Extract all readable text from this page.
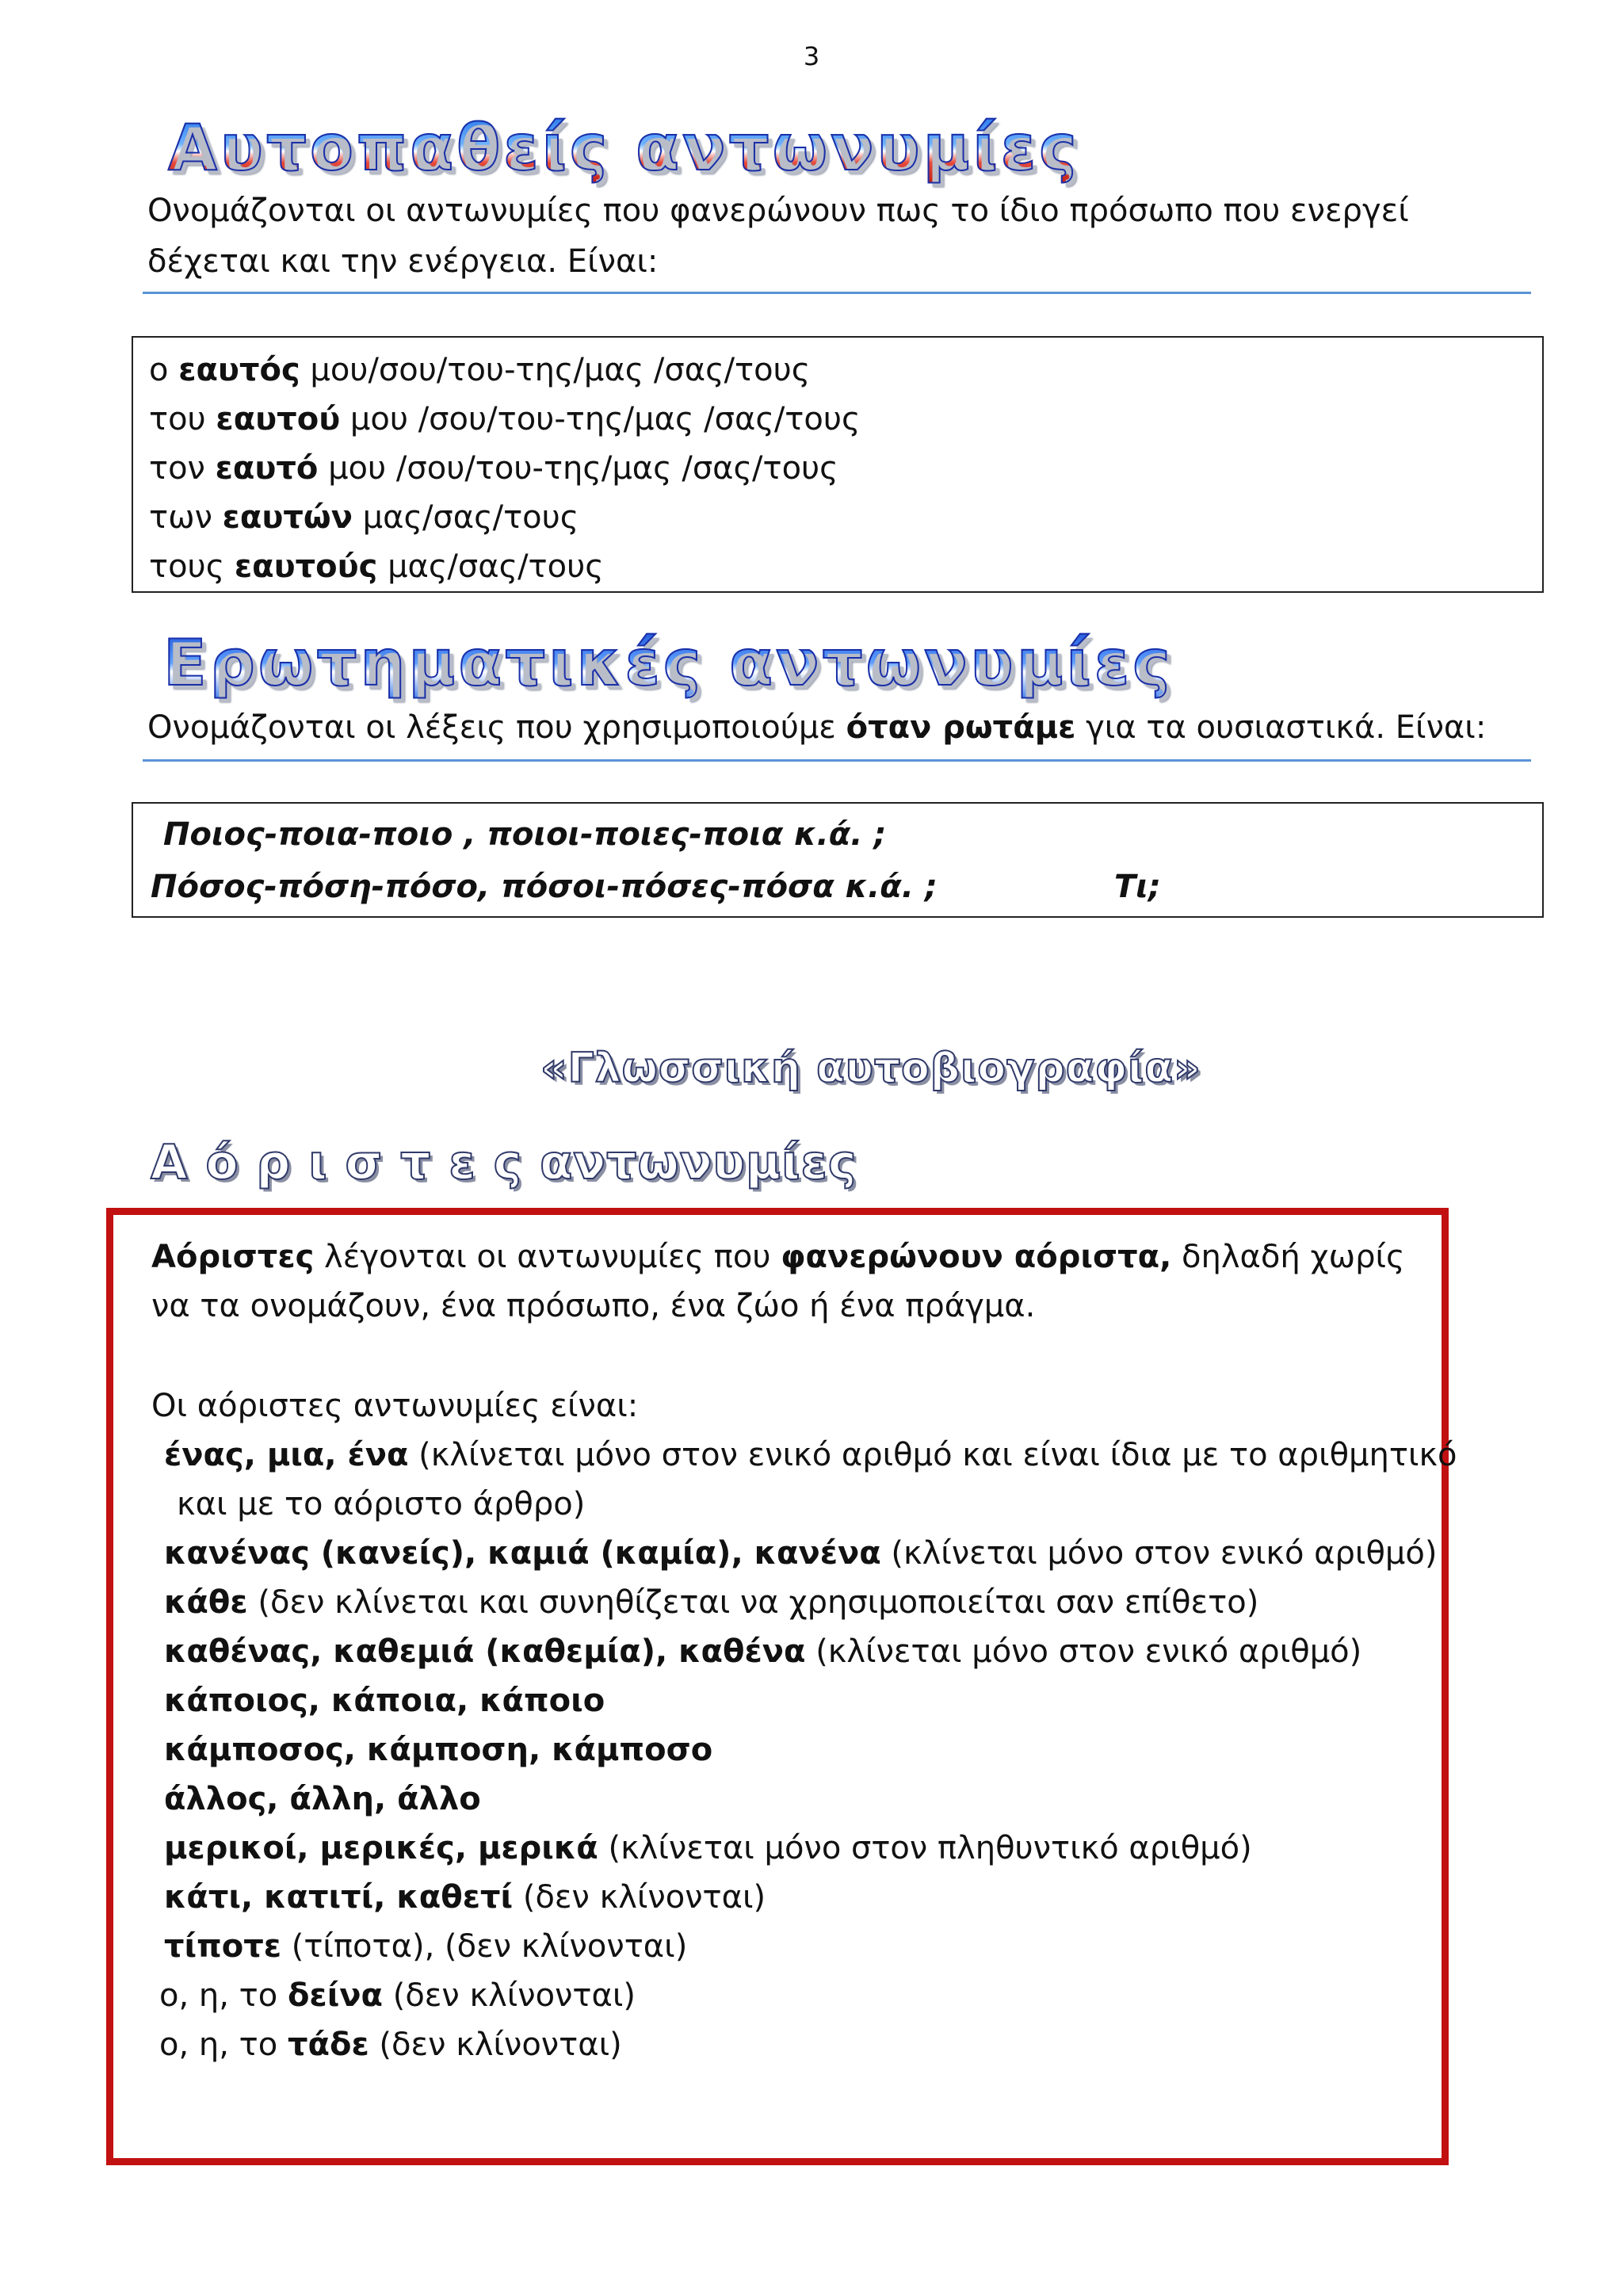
3
Αυτοπαθείς αντωνυμίες
Ονομάζονται οι αντωνυμίες που φανερώνουν πως το ίδιο πρόσωπο που ενεργεί δέχεται και την ενέργεια. Είναι:
ο εαυτός μου/σου/του-της/μας /σας/τους
του εαυτού μου /σου/του-της/μας /σας/τους
τον εαυτό μου /σου/του-της/μας /σας/τους
των εαυτών μας/σας/τους
τους εαυτούς μας/σας/τους
Ερωτηματικές αντωνυμίες
Ονομάζονται οι λέξεις που χρησιμοποιούμε όταν ρωτάμε για τα ουσιαστικά. Είναι:
Ποιος-ποια-ποιο , ποιοι-ποιες-ποια κ.ά. ;
Πόσος-πόση-πόσο, πόσοι-πόσες-πόσα κ.ά. ;	Τι;
«Γλωσσική αυτοβιογραφία»
Α ό ρ ι σ τ ε ς αντωνυμίες
Αόριστες λέγονται οι αντωνυμίες που φανερώνουν αόριστα, δηλαδή χωρίς
να τα ονομάζουν, ένα πρόσωπο, ένα ζώο ή ένα πράγμα.
Οι αόριστες αντωνυμίες είναι:
ένας, μια, ένα (κλίνεται μόνο στον ενικό αριθμό και είναι ίδια με το αριθμητικό
και με το αόριστο άρθρο)
κανένας (κανείς), καμιά (καμία), κανένα (κλίνεται μόνο στον ενικό αριθμό)
κάθε (δεν κλίνεται και συνηθίζεται να χρησιμοποιείται σαν επίθετο)
καθένας, καθεμιά (καθεμία), καθένα (κλίνεται μόνο στον ενικό αριθμό)
κάποιος, κάποια, κάποιο
κάμποσος, κάμποση, κάμποσο
άλλος, άλλη, άλλο
μερικοί, μερικές, μερικά (κλίνεται μόνο στον πληθυντικό αριθμό)
κάτι, κατιτί, καθετί (δεν κλίνονται)
τίποτε (τίποτα), (δεν κλίνονται)
ο, η, το δείνα (δεν κλίνονται)
ο, η, το τάδε (δεν κλίνονται)
